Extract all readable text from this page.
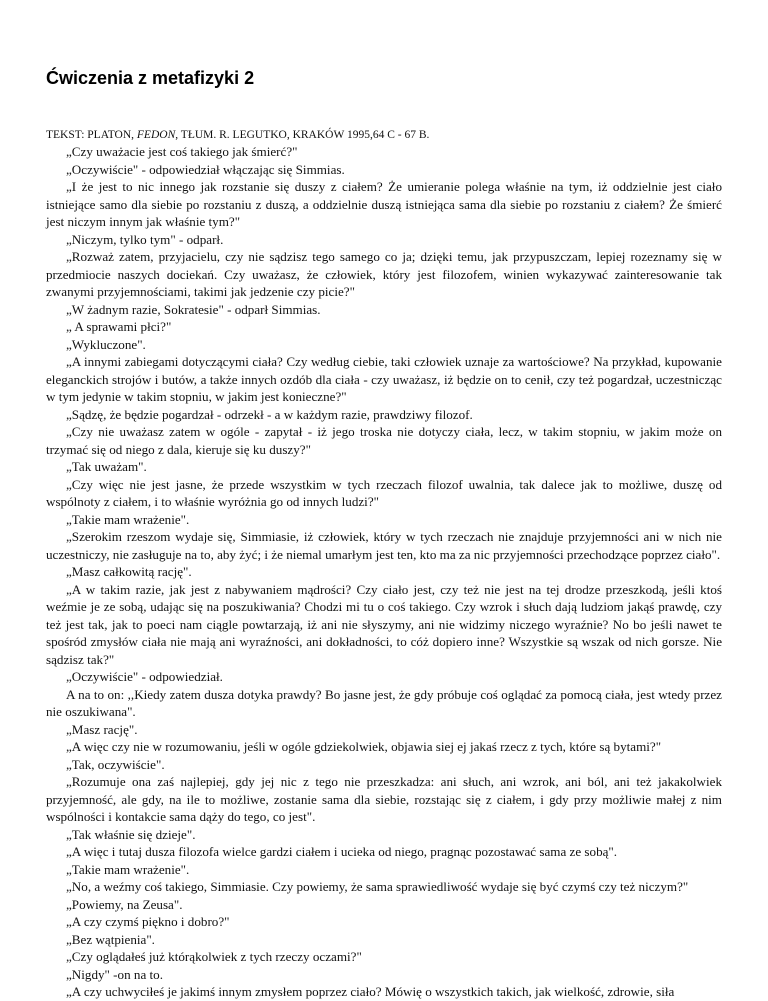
Ćwiczenia z metafizyki 2
TEKST: PLATON, FEDON, TŁUM. R. LEGUTKO, KRAKÓW 1995,64 C - 67 B.

„Czy uważacie jest coś takiego jak śmierć?"

„Oczywiście" - odpowiedział włączając się Simmias.

„I że jest to nic innego jak rozstanie się duszy z ciałem? Że umieranie polega właśnie na tym, iż oddzielnie jest ciało istniejące samo dla siebie po rozstaniu z duszą, a oddzielnie duszą istniejąca sama dla siebie po rozstaniu z ciałem? Że śmierć jest niczym innym jak właśnie tym?"

„Niczym, tylko tym" - odparł.

„Rozważ zatem, przyjacielu, czy nie sądzisz tego samego co ja; dzięki temu, jak przypuszczam, lepiej rozeznamy się w przedmiocie naszych dociekań. Czy uważasz, że człowiek, który jest filozofem, winien wykazywać zainteresowanie tak zwanymi przyjemnościami, takimi jak jedzenie czy picie?"

„W żadnym razie, Sokratesie" - odparł Simmias.

„ A sprawami płci?"

„Wykluczone".

„A innymi zabiegami dotyczącymi ciała? Czy według ciebie, taki człowiek uznaje za wartościowe? Na przykład, kupowanie eleganckich strojów i butów, a także innych ozdób dla ciała - czy uważasz, iż będzie on to cenił, czy też pogardzał, uczestnicząc w tym jedynie w takim stopniu, w jakim jest konieczne?"

„Sądzę, że będzie pogardzał - odrzekł - a w każdym razie, prawdziwy filozof.

„Czy nie uważasz zatem w ogóle - zapytał - iż jego troska nie dotyczy ciała, lecz, w takim stopniu, w jakim może on trzymać się od niego z dala, kieruje się ku duszy?"

„Tak uważam".

„Czy więc nie jest jasne, że przede wszystkim w tych rzeczach filozof uwalnia, tak dalece jak to możliwe, duszę od wspólnoty z ciałem, i to właśnie wyróżnia go od innych ludzi?"

„Takie mam wrażenie".

„Szerokim rzeszom wydaje się, Simmiasie, iż człowiek, który w tych rzeczach nie znajduje przyjemności ani w nich nie uczestniczy, nie zasługuje na to, aby żyć; i że niemal umarłym jest ten, kto ma za nic przyjemności przechodzące poprzez ciało".

„Masz całkowitą rację".

„A w takim razie, jak jest z nabywaniem mądrości? Czy ciało jest, czy też nie jest na tej drodze przeszkodą, jeśli ktoś weźmie je ze sobą, udając się na poszukiwania? Chodzi mi tu o coś takiego. Czy wzrok i słuch dają ludziom jakąś prawdę, czy też jest tak, jak to poeci nam ciągle powtarzają, iż ani nie słyszymy, ani nie widzimy niczego wyraźnie? No bo jeśli nawet te spośród zmysłów ciała nie mają ani wyraźności, ani dokładności, to cóż dopiero inne? Wszystkie są wszak od nich gorsze. Nie sądzisz tak?"

„Oczywiście" - odpowiedział.

A na to on: ,,Kiedy zatem dusza dotyka prawdy? Bo jasne jest, że gdy próbuje coś oglądać za pomocą ciała, jest wtedy przez nie oszukiwana".

„Masz rację".

„A więc czy nie w rozumowaniu, jeśli w ogóle gdziekolwiek, objawia siej ej jakaś rzecz z tych, które są bytami?"

„Tak, oczywiście".

„Rozumuje ona zaś najlepiej, gdy jej nic z tego nie przeszkadza: ani słuch, ani wzrok, ani ból, ani też jakakolwiek przyjemność, ale gdy, na ile to możliwe, zostanie sama dla siebie, rozstając się z ciałem, i gdy przy możliwie małej z nim wspólności i kontakcie sama dąży do tego, co jest".

„Tak właśnie się dzieje".

„A więc i tutaj dusza filozofa wielce gardzi ciałem i ucieka od niego, pragnąc pozostawać sama ze sobą".

„Takie mam wrażenie".

„No, a weźmy coś takiego, Simmiasie. Czy powiemy, że sama sprawiedliwość wydaje się być czymś czy też niczym?"

„Powiemy, na Zeusa".

„A czy czymś piękno i dobro?"

„Bez wątpienia".

„Czy oglądałeś już którąkolwiek z tych rzeczy oczami?"

„Nigdy" -on na to.

„A czy uchwyciłeś je jakimś innym zmysłem poprzez ciało? Mówię o wszystkich takich, jak wielkość, zdrowie, siła
